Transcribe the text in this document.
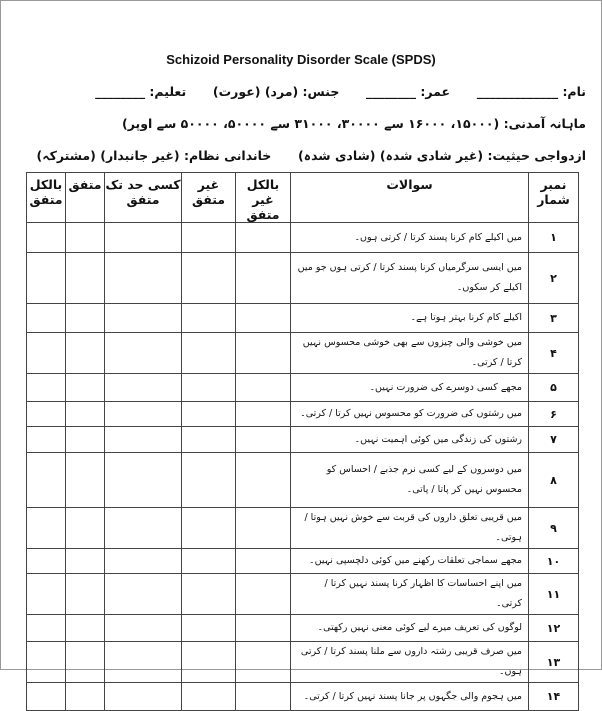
Schizoid Personality Disorder Scale (SPDS)
نام: _____________  عمر: ________  جنس: (مرد) (عورت)  تعلیم: ________
ماہانہ آمدنی: (۱۵۰۰۰، ۱۶۰۰۰ سے ۳۰۰۰۰، ۳۱۰۰۰ سے ۵۰۰۰۰، ۵۰۰۰۰ سے اوپر)
ازدواجی حیثیت: (غیر شادی شدہ) (شادی شدہ)  خاندانی نظام: (غیر جانبدار) (مشترکہ)
نمبر شمار	سوالات	بالکل غیر متفق	غیر متفق	کسی حد تک متفق	متفق	بالکل متفق
۱	میں اکیلے کام کرنا پسند کرتا / کرتی ہوں۔					
۲	میں ایسی سرگرمیاں کرنا پسند کرتا / کرتی ہوں جو میں اکیلے کر سکوں۔					
۳	اکیلے کام کرنا بہتر ہوتا ہے۔					
۴	میں خوشی والی چیزوں سے بھی خوشی محسوس نہیں کرتا / کرتی۔					
۵	مجھے کسی دوسرے کی ضرورت نہیں۔					
۶	میں رشتوں کی ضرورت کو محسوس نہیں کرتا / کرتی۔					
۷	رشتوں کی زندگی میں کوئی اہمیت نہیں۔					
۸	میں دوسروں کے لیے کسی نرم جذبے / احساس کو محسوس نہیں کر پاتا / پاتی۔					
۹	میں قریبی تعلق داروں کی قربت سے خوش نہیں ہوتا / ہوتی۔					
۱۰	مجھے سماجی تعلقات رکھنے میں کوئی دلچسپی نہیں۔					
۱۱	میں اپنے احساسات کا اظہار کرنا پسند نہیں کرتا / کرتی۔					
۱۲	لوگوں کی تعریف میرے لیے کوئی معنی نہیں رکھتی۔					
۱۳	میں صرف قریبی رشتہ داروں سے ملنا پسند کرتا / کرتی ہوں۔					
۱۴	میں ہجوم والی جگہوں پر جانا پسند نہیں کرتا / کرتی۔					
